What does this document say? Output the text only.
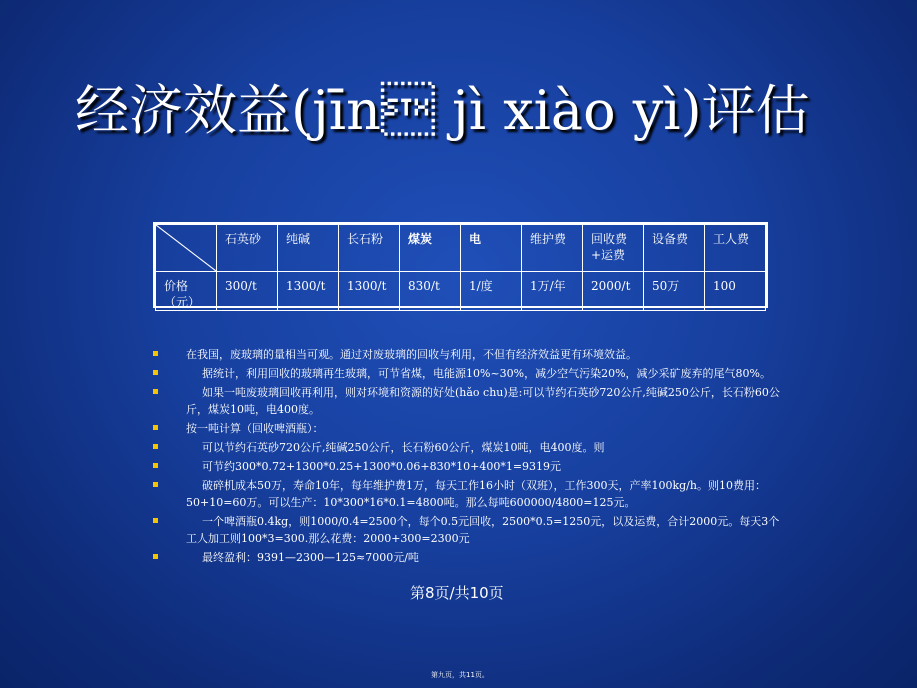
经济效益(jīn jì xiào yì)评估
	石英砂	纯碱	长石粉	煤炭	电	维护费	回收费+运费	设备费	工人费
价格（元）	300/t	1300/t	1300/t	830/t	1/度	1万/年	2000/t	50万	100
在我国，废玻璃的量相当可观。通过对废玻璃的回收与利用，不但有经济效益更有环境效益。
据统计，利用回收的玻璃再生玻璃，可节省煤，电能源10%~30%，减少空气污染20%，减少采矿废弃的尾气80%。
如果一吨废玻璃回收再利用，则对环境和资源的好处(hǎo chu)是:可以节约石英砂720公斤,纯碱250公斤，长石粉60公斤，煤炭10吨，电400度。
按一吨计算（回收啤酒瓶）：
可以节约石英砂720公斤,纯碱250公斤，长石粉60公斤，煤炭10吨，电400度。则
可节约300*0.72+1300*0.25+1300*0.06+830*10+400*1=9319元
破碎机成本50万，寿命10年，每年维护费1万，每天工作16小时（双班），工作300天，产率100kg/h。则10费用：50+10=60万。可以生产：10*300*16*0.1=4800吨。那么每吨600000/4800=125元。
一个啤酒瓶0.4kg，则1000/0.4=2500个，每个0.5元回收，2500*0.5=1250元，以及运费，合计2000元。每天3个工人加工则100*3=300.那么花费：2000+300=2300元
最终盈利：9391—2300—125≈7000元/吨
第8页/共10页
第九页，共11页。
